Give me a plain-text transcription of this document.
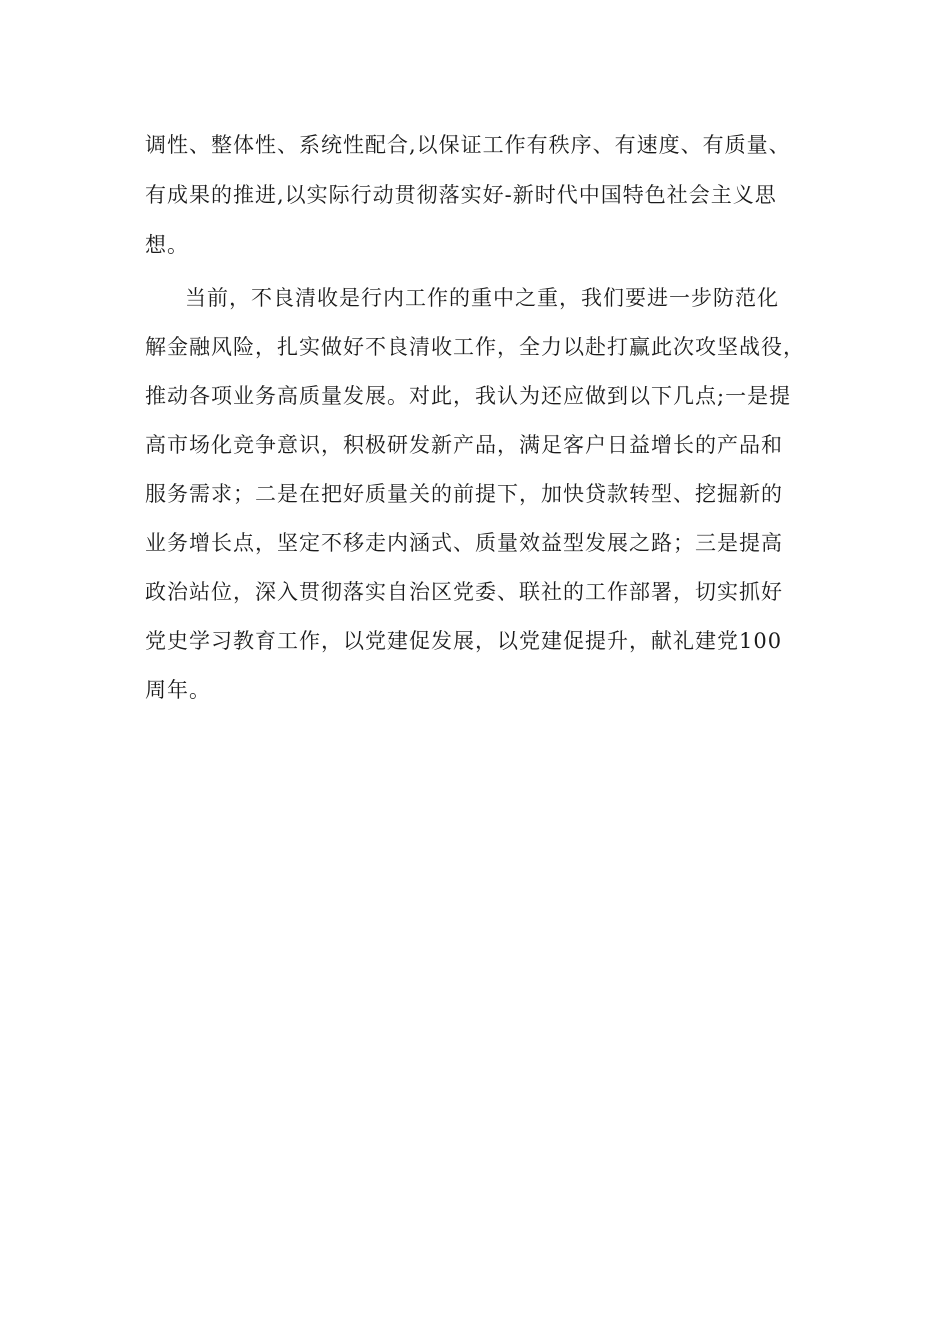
调性、整体性、系统性配合,以保证工作有秩序、有速度、有质量、
有成果的推进,以实际行动贯彻落实好-新时代中国特色社会主义思
想。
当前，不良清收是行内工作的重中之重，我们要进一步防范化
解金融风险，扎实做好不良清收工作，全力以赴打赢此次攻坚战役，
推动各项业务高质量发展。对此，我认为还应做到以下几点;一是提
高市场化竞争意识，积极研发新产品，满足客户日益增长的产品和
服务需求；二是在把好质量关的前提下，加快贷款转型、挖掘新的
业务增长点，坚定不移走内涵式、质量效益型发展之路；三是提高
政治站位，深入贯彻落实自治区党委、联社的工作部署，切实抓好
党史学习教育工作，以党建促发展，以党建促提升，献礼建党100
周年。
